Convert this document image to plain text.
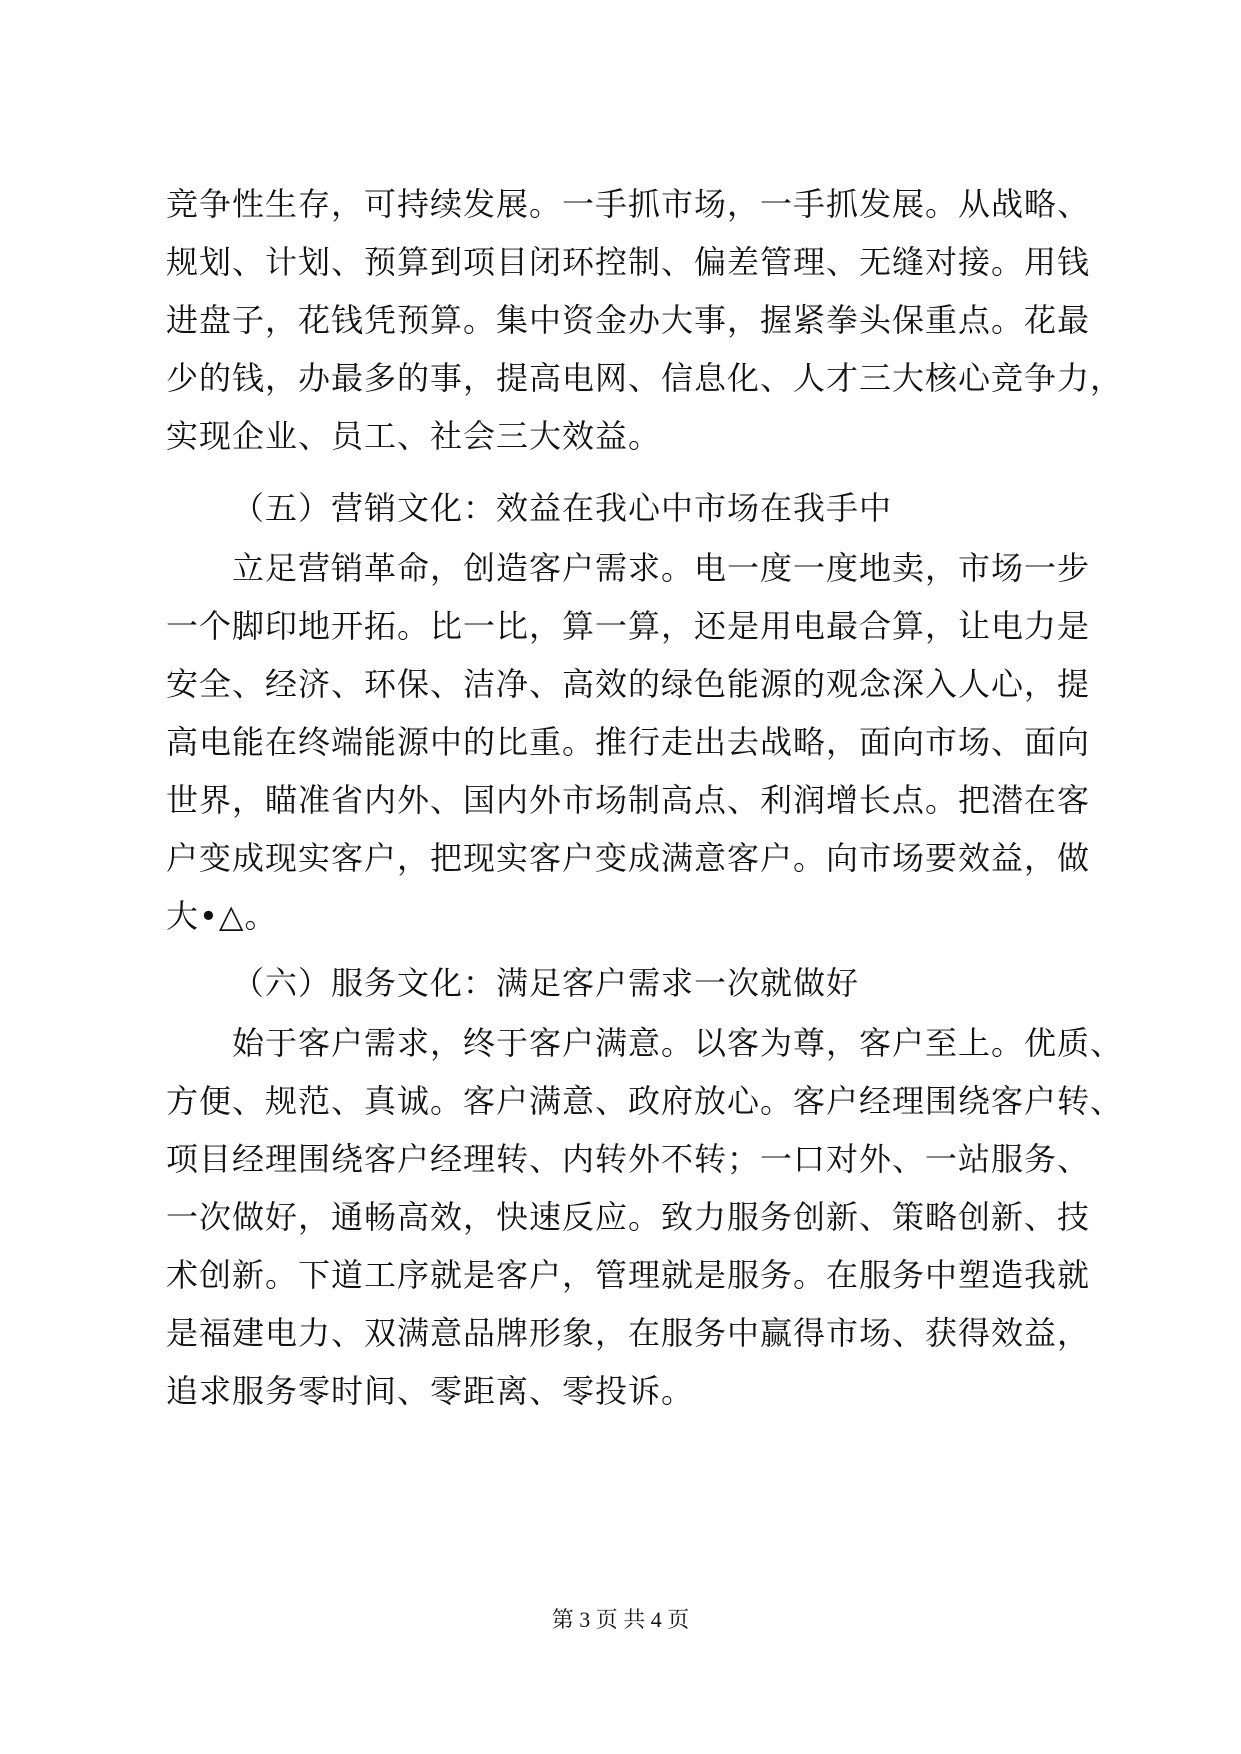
竞争性生存，可持续发展。一手抓市场，一手抓发展。从战略、
规划、计划、预算到项目闭环控制、偏差管理、无缝对接。用钱
进盘子，花钱凭预算。集中资金办大事，握紧拳头保重点。花最
少的钱，办最多的事，提高电网、信息化、人才三大核心竞争力，
实现企业、员工、社会三大效益。
（五）营销文化：效益在我心中市场在我手中
立足营销革命，创造客户需求。电一度一度地卖，市场一步
一个脚印地开拓。比一比，算一算，还是用电最合算，让电力是
安全、经济、环保、洁净、高效的绿色能源的观念深入人心，提
高电能在终端能源中的比重。推行走出去战略，面向市场、面向
世界，瞄准省内外、国内外市场制高点、利润增长点。把潜在客
户变成现实客户，把现实客户变成满意客户。向市场要效益，做
大•△。
（六）服务文化：满足客户需求一次就做好
始于客户需求，终于客户满意。以客为尊，客户至上。优质、
方便、规范、真诚。客户满意、政府放心。客户经理围绕客户转、
项目经理围绕客户经理转、内转外不转；一口对外、一站服务、
一次做好，通畅高效，快速反应。致力服务创新、策略创新、技
术创新。下道工序就是客户，管理就是服务。在服务中塑造我就
是福建电力、双满意品牌形象，在服务中赢得市场、获得效益，
追求服务零时间、零距离、零投诉。
第 3 页 共 4 页
